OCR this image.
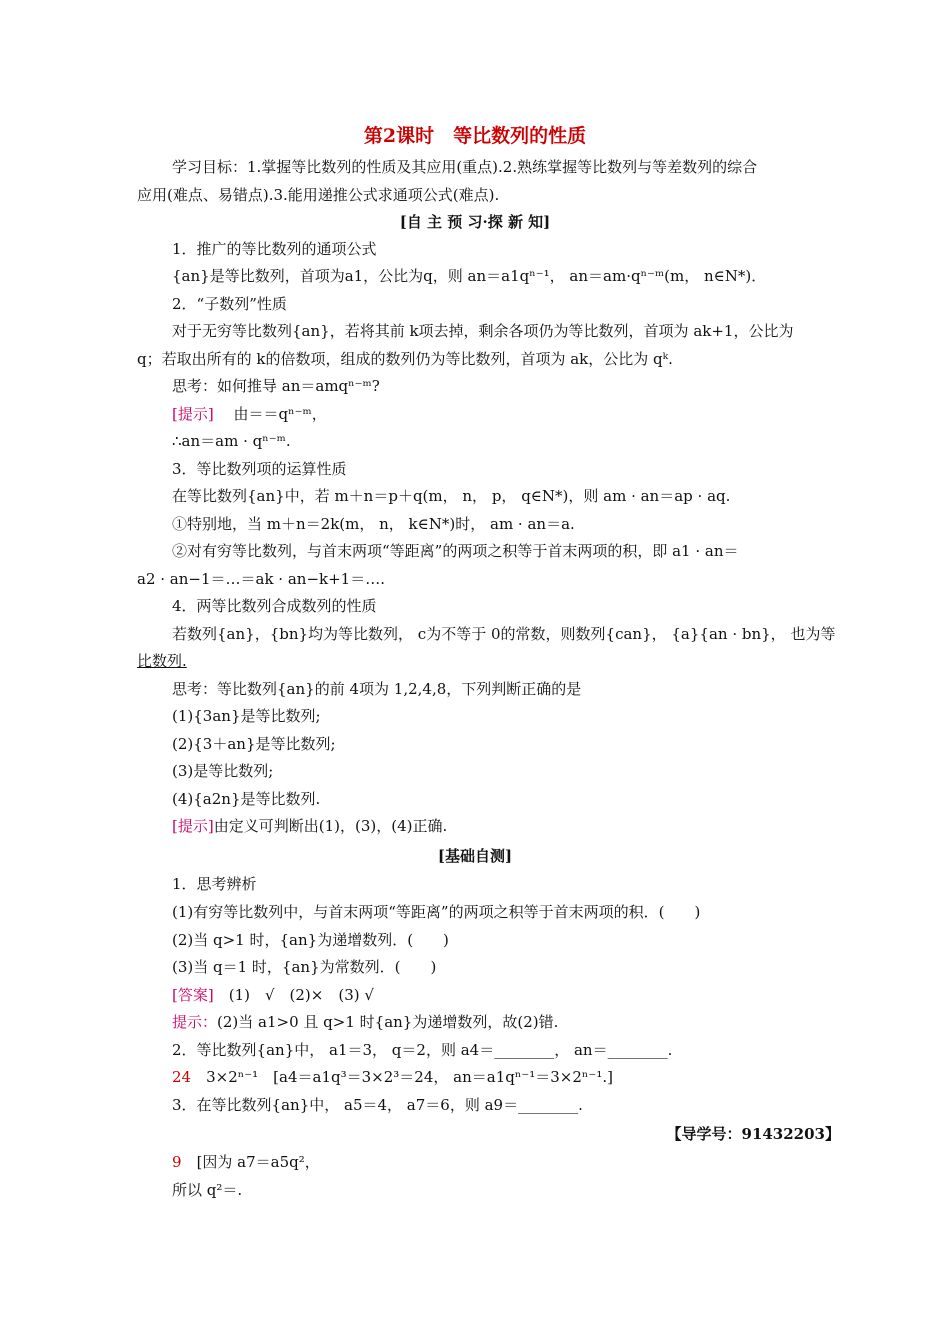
第2课时　等比数列的性质
学习目标：1.掌握等比数列的性质及其应用(重点).2.熟练掌握等比数列与等差数列的综合
应用(难点、易错点).3.能用递推公式求通项公式(难点).
[自 主 预 习·探 新 知]
1．推广的等比数列的通项公式
{an}是等比数列，首项为a1，公比为q，则 an＝a1qⁿ⁻¹， an＝am·qⁿ⁻ᵐ(m， n∈N*)．
2．“子数列”性质
对于无穷等比数列{an}，若将其前 k项去掉，剩余各项仍为等比数列，首项为 ak+1，公比为
q；若取出所有的 k的倍数项，组成的数列仍为等比数列，首项为 ak，公比为 qᵏ.
思考：如何推导 an＝amqⁿ⁻ᵐ?
[提示]　 由＝＝qⁿ⁻ᵐ，
∴an＝am · qⁿ⁻ᵐ.
3．等比数列项的运算性质
在等比数列{an}中，若 m＋n＝p＋q(m， n， p， q∈N*)，则 am · an＝ap · aq.
①特别地，当 m＋n＝2k(m， n， k∈N*)时， am · an＝a.
②对有穷等比数列，与首末两项“等距离”的两项之积等于首末两项的积，即 a1 · an＝
a2 · an−1＝…＝ak · an−k+1＝….
4．两等比数列合成数列的性质
若数列{an}，{bn}均为等比数列， c为不等于 0的常数，则数列{can}， {a}{an · bn}， 也为等
比数列.
思考：等比数列{an}的前 4项为 1,2,4,8，下列判断正确的是
(1){3an}是等比数列;
(2){3＋an}是等比数列;
(3)是等比数列;
(4){a2n}是等比数列.
[提示]由定义可判断出(1)，(3)，(4)正确.
[基础自测]
1．思考辨析
(1)有穷等比数列中，与首末两项“等距离”的两项之积等于首末两项的积．(　　)
(2)当 q>1 时，{an}为递增数列．(　　)
(3)当 q＝1 时，{an}为常数列．(　　)
[答案]　 (1)　√　(2)×　(3) √
提示：(2)当 a1>0 且 q>1 时{an}为递增数列，故(2)错.
2．等比数列{an}中， a1＝3， q＝2，则 a4＝________， an＝________.
24　 3×2ⁿ⁻¹　[a4＝a1q³＝3×2³＝24， an＝a1qⁿ⁻¹＝3×2ⁿ⁻¹.]
3．在等比数列{an}中， a5＝4， a7＝6，则 a9＝________.
【导学号：91432203】
9　 [因为 a7＝a5q²，
所以 q²＝.
